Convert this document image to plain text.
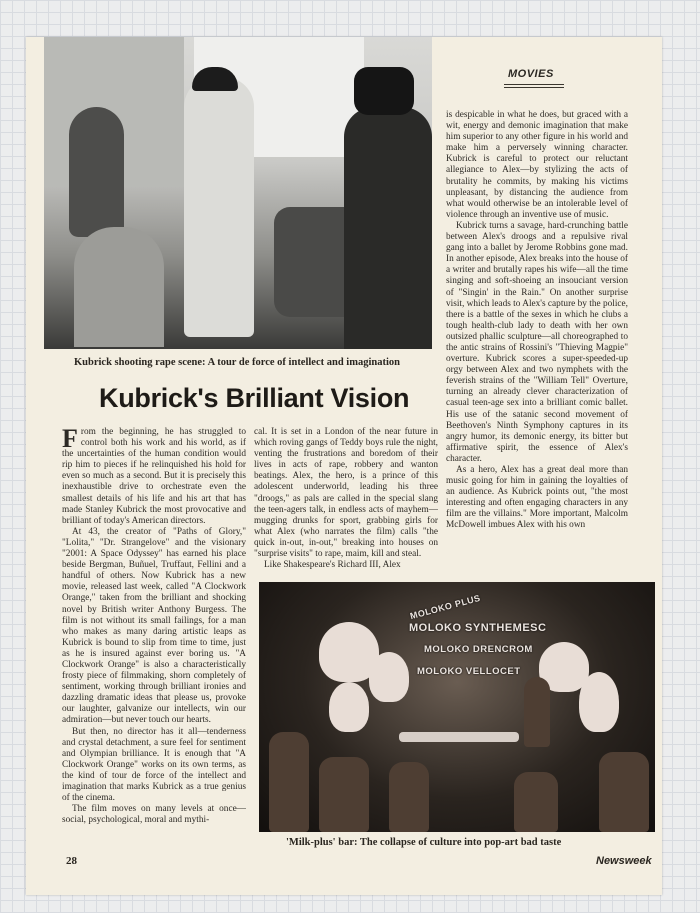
MOVIES
Kubrick shooting rape scene: A tour de force of intellect and imagination
Kubrick's Brilliant Vision

From the beginning, he has struggled to control both his work and his world, as if the uncertainties of the human condition would rip him to pieces if he relinquished his hold for even so much as a second. But it is precisely this inexhaustible drive to orchestrate even the smallest details of his life and his art that has made Stanley Kubrick the most provocative and brilliant of today's American directors.

At 43, the creator of "Paths of Glory," "Lolita," "Dr. Strangelove" and the visionary "2001: A Space Odyssey" has earned his place beside Bergman, Buñuel, Truffaut, Fellini and a handful of others. Now Kubrick has a new movie, released last week, called "A Clockwork Orange," taken from the brilliant and shocking novel by British writer Anthony Burgess. The film is not without its small failings, for a man who makes as many daring artistic leaps as Kubrick is bound to slip from time to time, just as he is insured against ever boring us. "A Clockwork Orange" is also a characteristically frosty piece of filmmaking, shorn completely of sentiment, working through brilliant ironies and dazzling dramatic ideas that please us, provoke our laughter, galvanize our intellects, win our admiration—but never touch our hearts.

But then, no director has it all—tenderness and crystal detachment, a sure feel for sentiment and Olympian brilliance. It is enough that "A Clockwork Orange" works on its own terms, as the kind of tour de force of the intellect and imagination that marks Kubrick as a true genius of the cinema.

The film moves on many levels at once—social, psychological, moral and mythi-

cal. It is set in a London of the near future in which roving gangs of Teddy boys rule the night, venting the frustrations and boredom of their lives in acts of rape, robbery and wanton beatings. Alex, the hero, is a prince of this adolescent underworld, leading his three "droogs," as pals are called in the special slang the teen-agers talk, in endless acts of mayhem—mugging drunks for sport, grabbing girls for what Alex (who narrates the film) calls "the quick in-out, in-out," breaking into houses on "surprise visits" to rape, maim, kill and steal.

Like Shakespeare's Richard III, Alex

is despicable in what he does, but graced with a wit, energy and demonic imagination that make him superior to any other figure in his world and make him a perversely winning character. Kubrick is careful to protect our reluctant allegiance to Alex—by stylizing the acts of brutality he commits, by making his victims unpleasant, by distancing the audience from what would otherwise be an intolerable level of violence through an inventive use of music.

Kubrick turns a savage, hard-crunching battle between Alex's droogs and a repulsive rival gang into a ballet by Jerome Robbins gone mad. In another episode, Alex breaks into the house of a writer and brutally rapes his wife—all the time singing and soft-shoeing an insouciant version of "Singin' in the Rain." On another surprise visit, which leads to Alex's capture by the police, there is a battle of the sexes in which he clubs a tough health-club lady to death with her own outsized phallic sculpture—all choreographed to the antic strains of Rossini's "Thieving Magpie" overture. Kubrick scores a super-speeded-up orgy between Alex and two nymphets with the feverish strains of the "William Tell" Overture, turning an already clever characterization of casual teen-age sex into a brilliant comic ballet. His use of the satanic second movement of Beethoven's Ninth Symphony captures in its angry humor, its demonic energy, its bitter but affirmative spirit, the essence of Alex's character.

As a hero, Alex has a great deal more than music going for him in gaining the loyalties of an audience. As Kubrick points out, "the most interesting and often engaging characters in any film are the villains." More important, Malcolm McDowell imbues Alex with his own

MOLOKO PLUS
MOLOKO SYNTHEMESC
MOLOKO DRENCROM
MOLOKO VELLOCET
'Milk-plus' bar: The collapse of culture into pop-art bad taste
28	Newsweek
